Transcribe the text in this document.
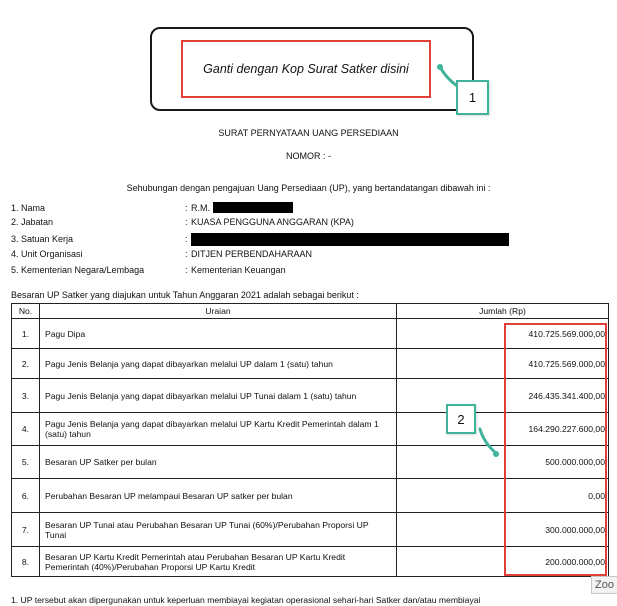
Ganti dengan Kop Surat Satker disini
1
SURAT PERNYATAAN UANG PERSEDIAAN
NOMOR : -
Sehubungan dengan pengajuan Uang Persediaan (UP), yang bertandatangan dibawah ini :
1. Nama	: R.M.
2. Jabatan	: KUASA PENGGUNA ANGGARAN (KPA)
3. Satuan Kerja	:
4. Unit Organisasi	: DITJEN PERBENDAHARAAN
5. Kementerian Negara/Lembaga	: Kementerian Keuangan
Besaran UP Satker yang diajukan untuk Tahun Anggaran 2021 adalah sebagai berikut :
No.	Uraian	Jumlah (Rp)
1.	Pagu Dipa	410.725.569.000,00
2.	Pagu Jenis Belanja yang dapat dibayarkan melalui UP dalam 1 (satu) tahun	410.725.569.000,00
3.	Pagu Jenis Belanja yang dapat dibayarkan melalui UP Tunai dalam 1 (satu) tahun	246.435.341.400,00
4.	Pagu Jenis Belanja yang dapat dibayarkan melalui UP Kartu Kredit Pemerintah dalam 1 (satu) tahun	164.290.227.600,00
5.	Besaran UP Satker per bulan	500.000.000,00
6.	Perubahan Besaran UP melampaui Besaran UP satker per bulan	0,00
7.	Besaran UP Tunai atau Perubahan Besaran UP Tunai (60%)/Perubahan Proporsi UP Tunai	300.000.000,00
8.	Besaran UP Kartu Kredit Pemerintah atau Perubahan Besaran UP Kartu Kredit Pemerintah (40%)/Perubahan Proporsi UP Kartu Kredit	200.000.000,00
2
Zoo
1. UP tersebut akan dipergunakan untuk keperluan membiayai kegiatan operasional sehari-hari Satker dan/atau membiayai
